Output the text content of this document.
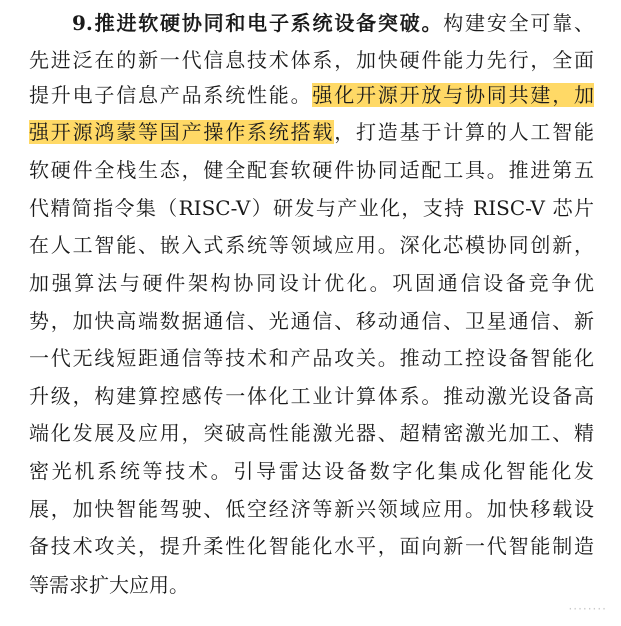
9.推进软硬协同和电子系统设备突破。构建安全可靠、
先进泛在的新一代信息技术体系，加快硬件能力先行，全面
提升电子信息产品系统性能。强化开源开放与协同共建，加
强开源鸿蒙等国产操作系统搭载，打造基于计算的人工智能
软硬件全栈生态，健全配套软硬件协同适配工具。推进第五
代精简指令集（RISC-V）研发与产业化，支持 RISC-V 芯片
在人工智能、嵌入式系统等领域应用。深化芯模协同创新，
加强算法与硬件架构协同设计优化。巩固通信设备竞争优
势，加快高端数据通信、光通信、移动通信、卫星通信、新
一代无线短距通信等技术和产品攻关。推动工控设备智能化
升级，构建算控感传一体化工业计算体系。推动激光设备高
端化发展及应用，突破高性能激光器、超精密激光加工、精
密光机系统等技术。引导雷达设备数字化集成化智能化发
展，加快智能驾驶、低空经济等新兴领域应用。加快移载设
备技术攻关，提升柔性化智能化水平，面向新一代智能制造
等需求扩大应用。
········
